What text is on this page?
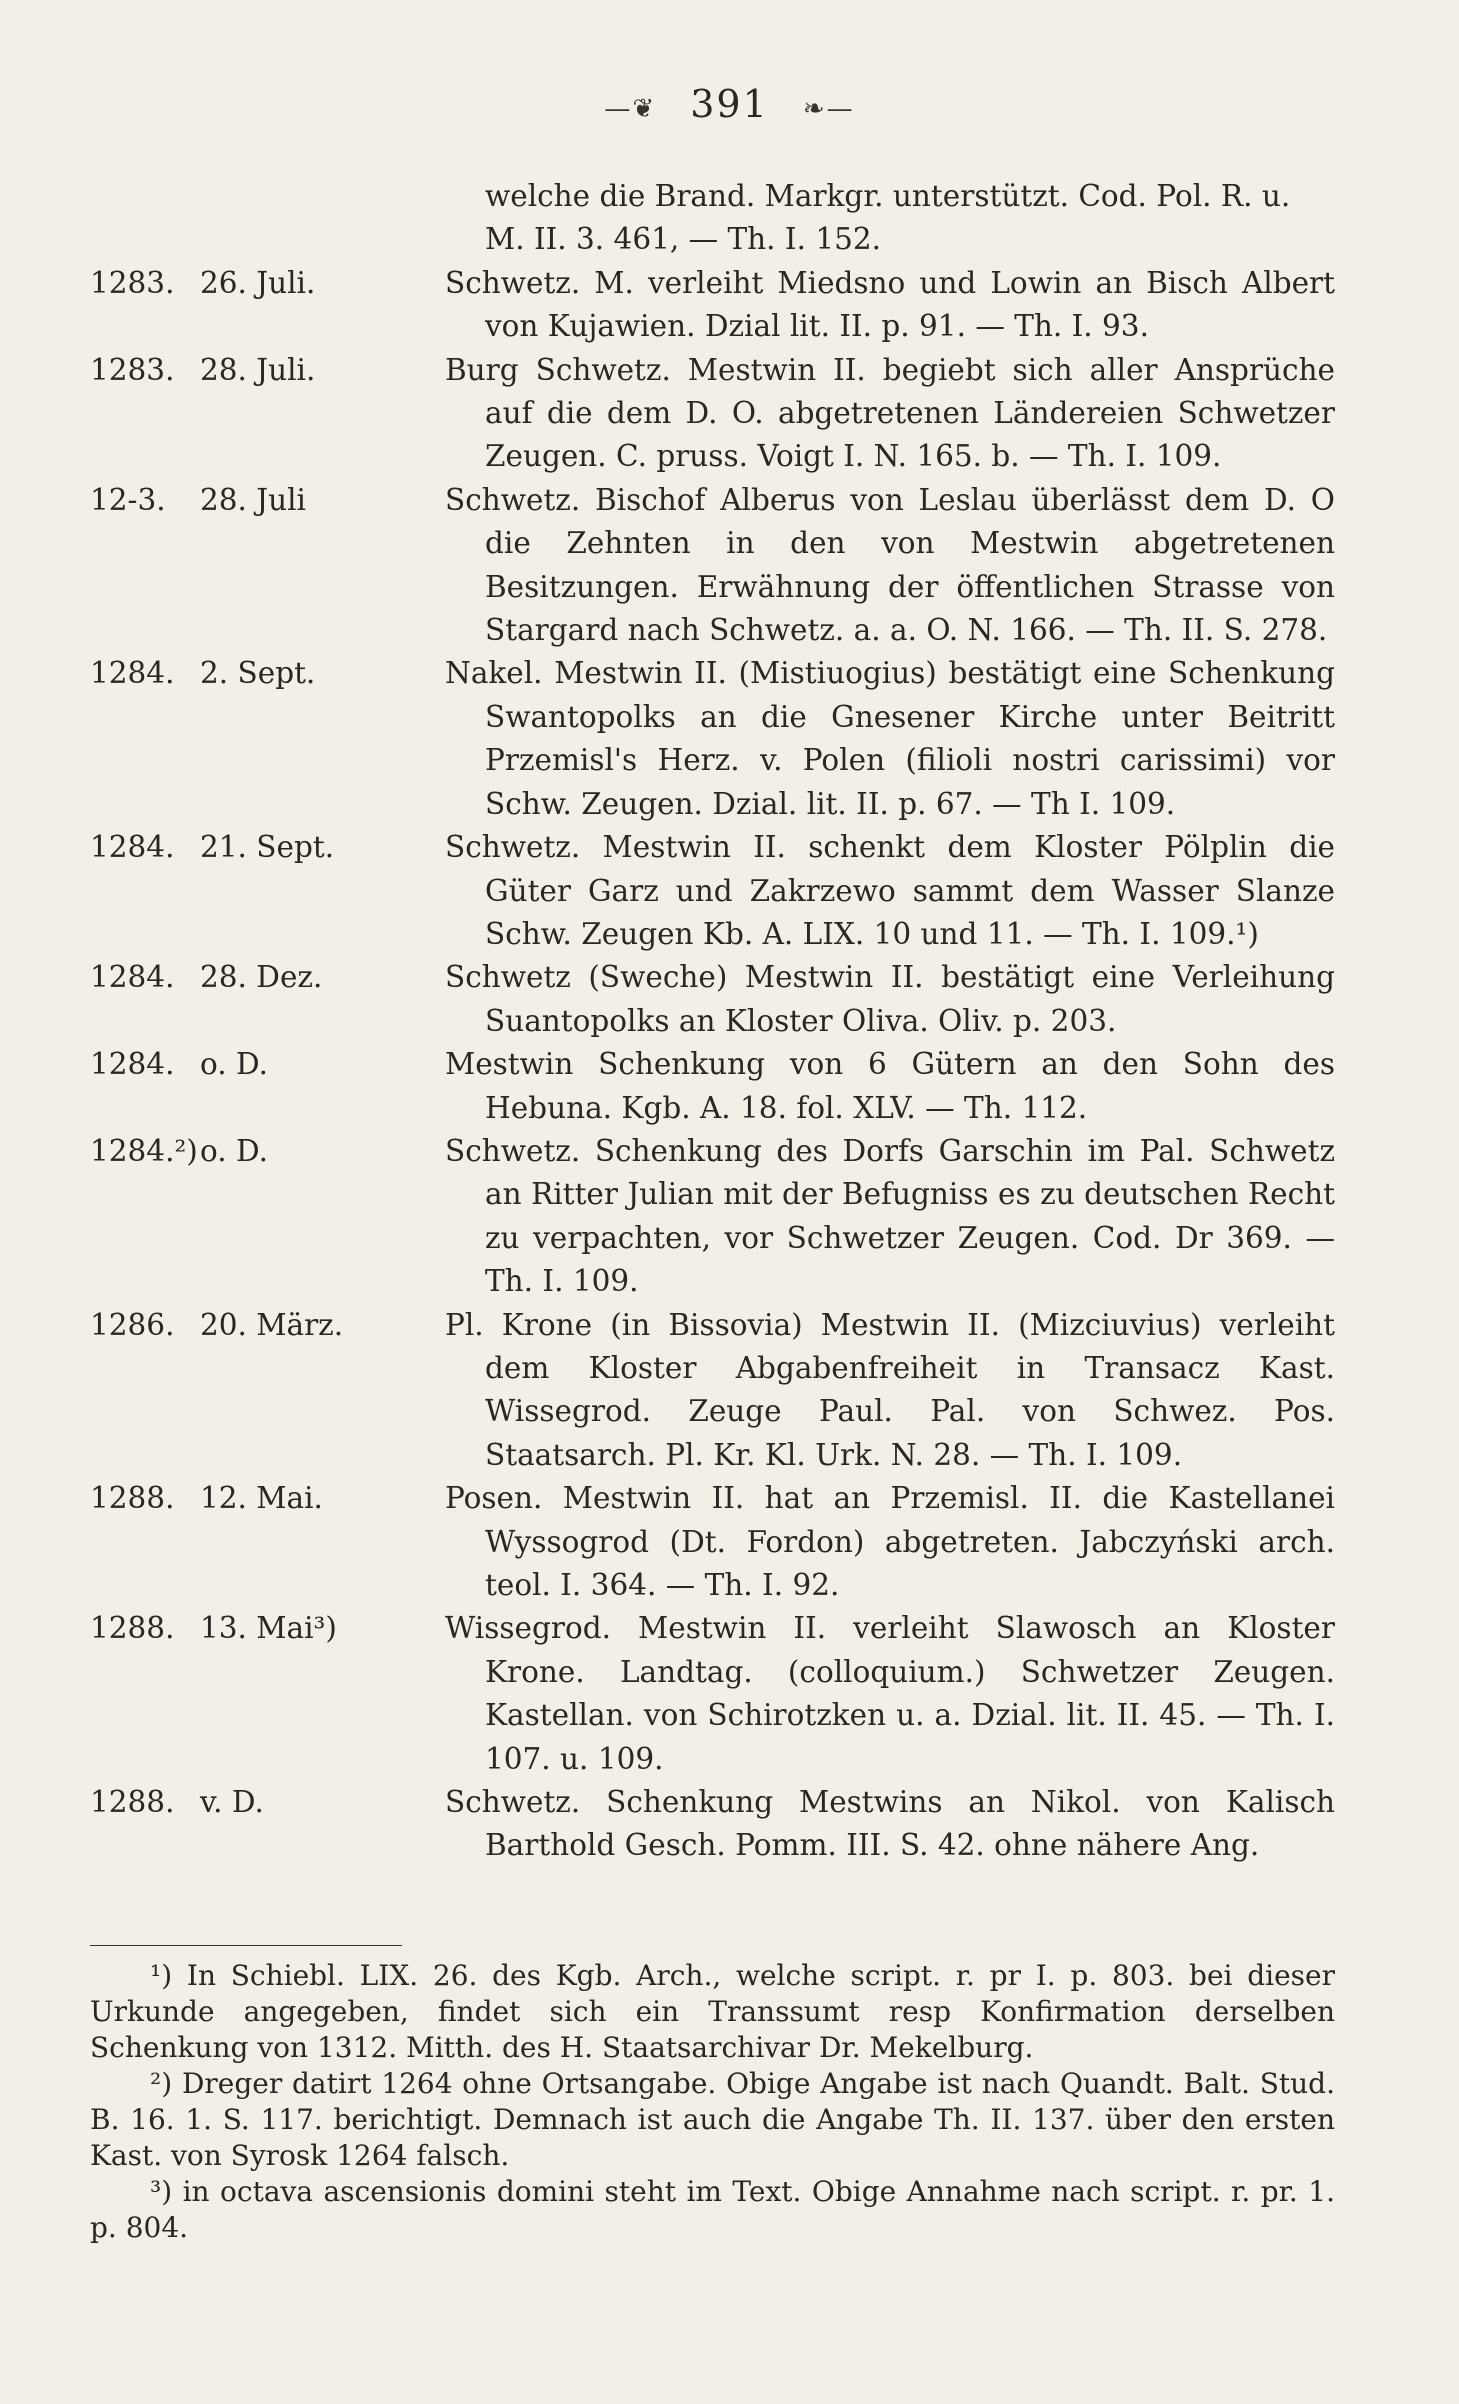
—❦ 391 ❧—
welche die Brand. Markgr. unterstützt. Cod. Pol. R. u. M. II. 3. 461, — Th. I. 152.
1283. 26. Juli.	Schwetz. M. verleiht Miedsno und Lowin an Bisch Albert von Kujawien. Dzial lit. II. p. 91. — Th. I. 93.
1283. 28. Juli.	Burg Schwetz. Mestwin II. begiebt sich aller Ansprüche auf die dem D. O. abgetretenen Ländereien Schwetzer Zeugen. C. pruss. Voigt I. N. 165. b. — Th. I. 109.
12-3.	28. Juli	Schwetz. Bischof Alberus von Leslau überlässt dem D. O die Zehnten in den von Mestwin abgetretenen Besitzungen. Erwähnung der öffentlichen Strasse von Stargard nach Schwetz. a. a. O. N. 166. — Th. II. S. 278.
1284. 2. Sept.	Nakel. Mestwin II. (Mistiuogius) bestätigt eine Schenkung Swantopolks an die Gnesener Kirche unter Beitritt Przemisl's Herz. v. Polen (filioli nostri carissimi) vor Schw. Zeugen. Dzial. lit. II. p. 67. — Th I. 109.
1284. 21. Sept.	Schwetz. Mestwin II. schenkt dem Kloster Pölplin die Güter Garz und Zakrzewo sammt dem Wasser Slanze Schw. Zeugen Kb. A. LIX. 10 und 11. — Th. I. 109.¹)
1284. 28. Dez.	Schwetz (Sweche) Mestwin II. bestätigt eine Verleihung Suantopolks an Kloster Oliva. Oliv. p. 203.
1284. o. D.	Mestwin Schenkung von 6 Gütern an den Sohn des Hebuna. Kgb. A. 18. fol. XLV. — Th. 112.
1284.²) o. D.	Schwetz. Schenkung des Dorfs Garschin im Pal. Schwetz an Ritter Julian mit der Befugniss es zu deutschen Recht zu verpachten, vor Schwetzer Zeugen. Cod. Dr 369. — Th. I. 109.
1286. 20. März.	Pl. Krone (in Bissovia) Mestwin II. (Mizciuvius) verleiht dem Kloster Abgabenfreiheit in Transacz Kast. Wissegrod. Zeuge Paul. Pal. von Schwez. Pos. Staatsarch. Pl. Kr. Kl. Urk. N. 28. — Th. I. 109.
1288. 12. Mai.	Posen. Mestwin II. hat an Przemisl. II. die Kastellanei Wyssogrod (Dt. Fordon) abgetreten. Jabczyński arch. teol. I. 364. — Th. I. 92.
1288. 13. Mai³)	Wissegrod. Mestwin II. verleiht Slawosch an Kloster Krone. Landtag. (colloquium.) Schwetzer Zeugen. Kastellan. von Schirotzken u. a. Dzial. lit. II. 45. — Th. I. 107. u. 109.
1288. v. D.	Schwetz. Schenkung Mestwins an Nikol. von Kalisch Barthold Gesch. Pomm. III. S. 42. ohne nähere Ang.
¹) In Schiebl. LIX. 26. des Kgb. Arch., welche script. r. pr I. p. 803. bei dieser Urkunde angegeben, findet sich ein Transsumt resp Konfirmation derselben Schenkung von 1312. Mitth. des H. Staatsarchivar Dr. Mekelburg.
²) Dreger datirt 1264 ohne Ortsangabe. Obige Angabe ist nach Quandt. Balt. Stud. B. 16. 1. S. 117. berichtigt. Demnach ist auch die Angabe Th. II. 137. über den ersten Kast. von Syrosk 1264 falsch.
³) in octava ascensionis domini steht im Text. Obige Annahme nach script. r. pr. 1. p. 804.
